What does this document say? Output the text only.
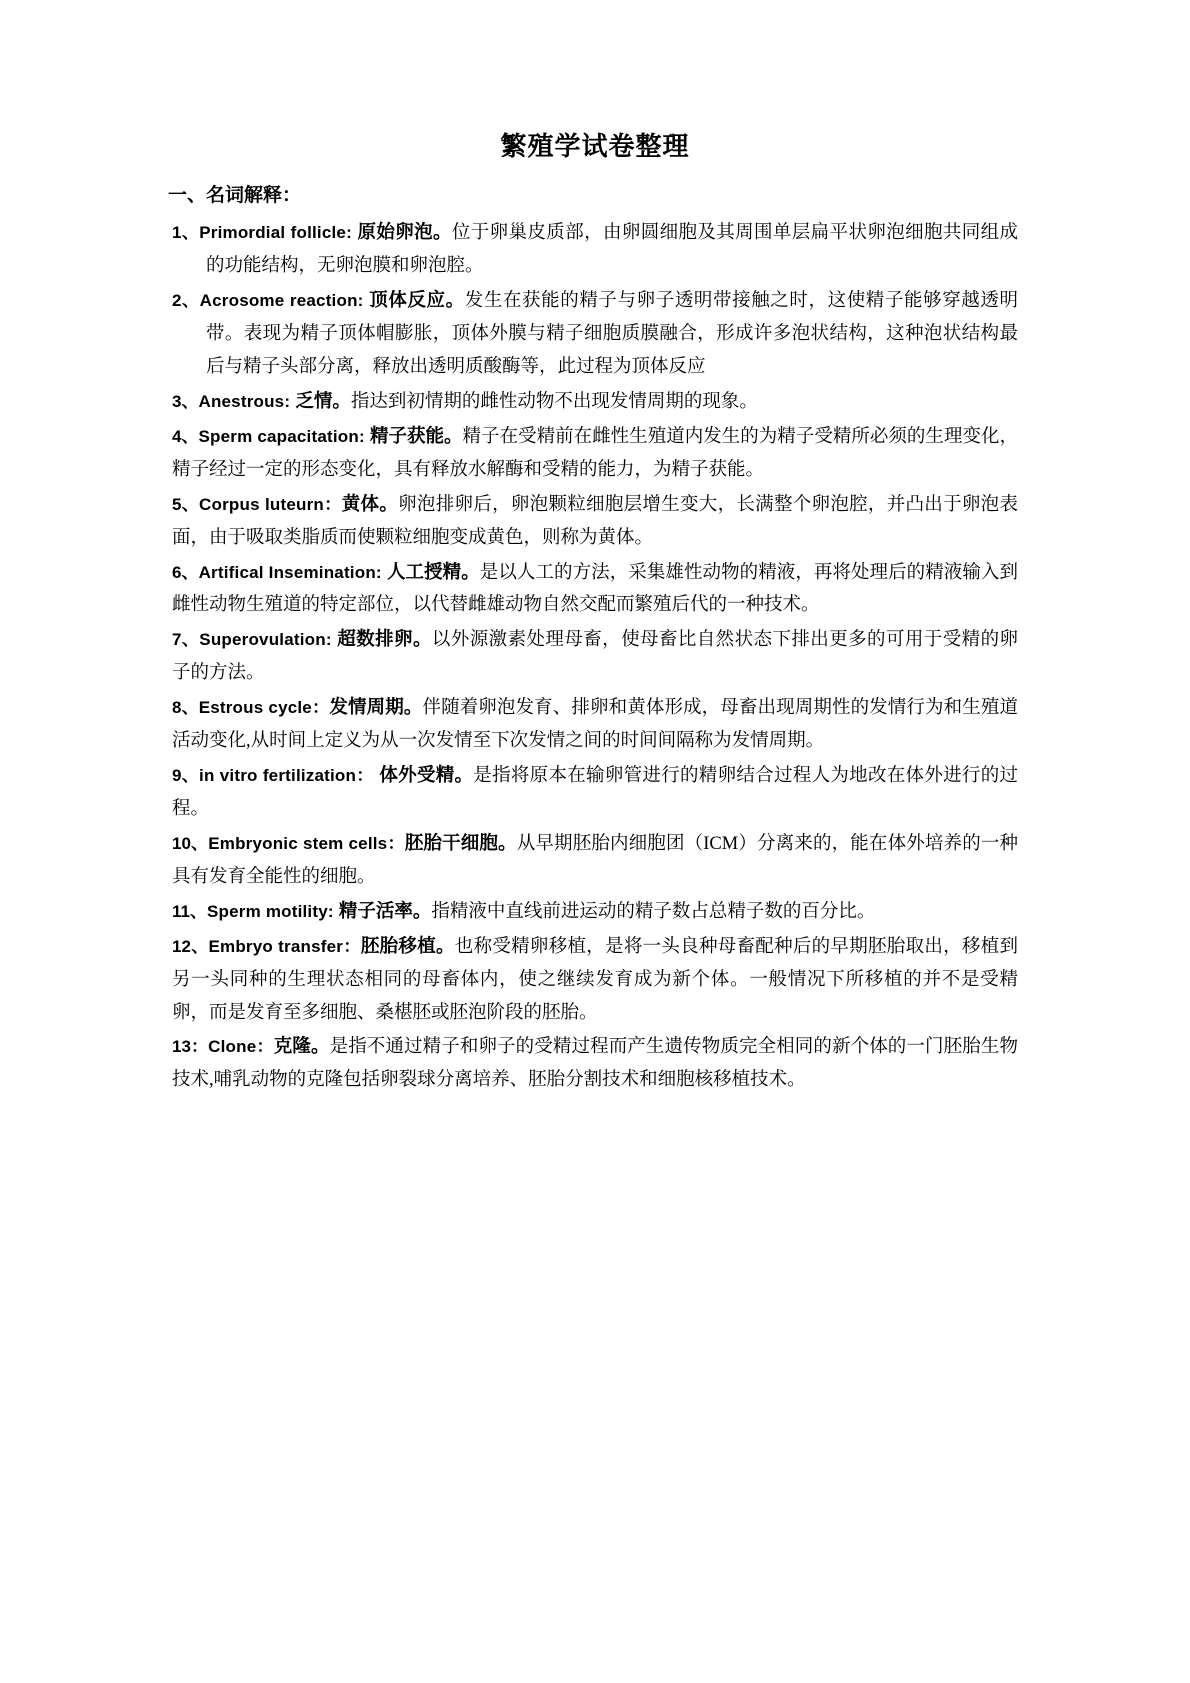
繁殖学试卷整理
一、名词解释：

1、Primordial follicle: 原始卵泡。位于卵巢皮质部，由卵圆细胞及其周围单层扁平状卵泡细胞共同组成的功能结构，无卵泡膜和卵泡腔。

2、Acrosome reaction: 顶体反应。发生在获能的精子与卵子透明带接触之时，这使精子能够穿越透明带。表现为精子顶体帽膨胀，顶体外膜与精子细胞质膜融合，形成许多泡状结构，这种泡状结构最后与精子头部分离，释放出透明质酸酶等，此过程为顶体反应

3、Anestrous: 乏情。指达到初情期的雌性动物不出现发情周期的现象。

4、Sperm capacitation: 精子获能。精子在受精前在雌性生殖道内发生的为精子受精所必须的生理变化，精子经过一定的形态变化，具有释放水解酶和受精的能力，为精子获能。

5、Corpus luteurn：黄体。卵泡排卵后，卵泡颗粒细胞层增生变大，长满整个卵泡腔，并凸出于卵泡表面，由于吸取类脂质而使颗粒细胞变成黄色，则称为黄体。

6、Artifical Insemination: 人工授精。是以人工的方法，采集雄性动物的精液，再将处理后的精液输入到雌性动物生殖道的特定部位，以代替雌雄动物自然交配而繁殖后代的一种技术。

7、Superovulation: 超数排卵。以外源激素处理母畜，使母畜比自然状态下排出更多的可用于受精的卵子的方法。

8、Estrous cycle：发情周期。伴随着卵泡发育、排卵和黄体形成，母畜出现周期性的发情行为和生殖道活动变化,从时间上定义为从一次发情至下次发情之间的时间间隔称为发情周期。

9、in vitro fertilization： 体外受精。是指将原本在输卵管进行的精卵结合过程人为地改在体外进行的过程。

10、Embryonic stem cells：胚胎干细胞。从早期胚胎内细胞团（ICM）分离来的，能在体外培养的一种具有发育全能性的细胞。

11、Sperm motility: 精子活率。指精液中直线前进运动的精子数占总精子数的百分比。

12、Embryo transfer：胚胎移植。也称受精卵移植，是将一头良种母畜配种后的早期胚胎取出，移植到另一头同种的生理状态相同的母畜体内，使之继续发育成为新个体。一般情况下所移植的并不是受精卵，而是发育至多细胞、桑椹胚或胚泡阶段的胚胎。

13：Clone：克隆。是指不通过精子和卵子的受精过程而产生遗传物质完全相同的新个体的一门胚胎生物技术,哺乳动物的克隆包括卵裂球分离培养、胚胎分割技术和细胞核移植技术。
